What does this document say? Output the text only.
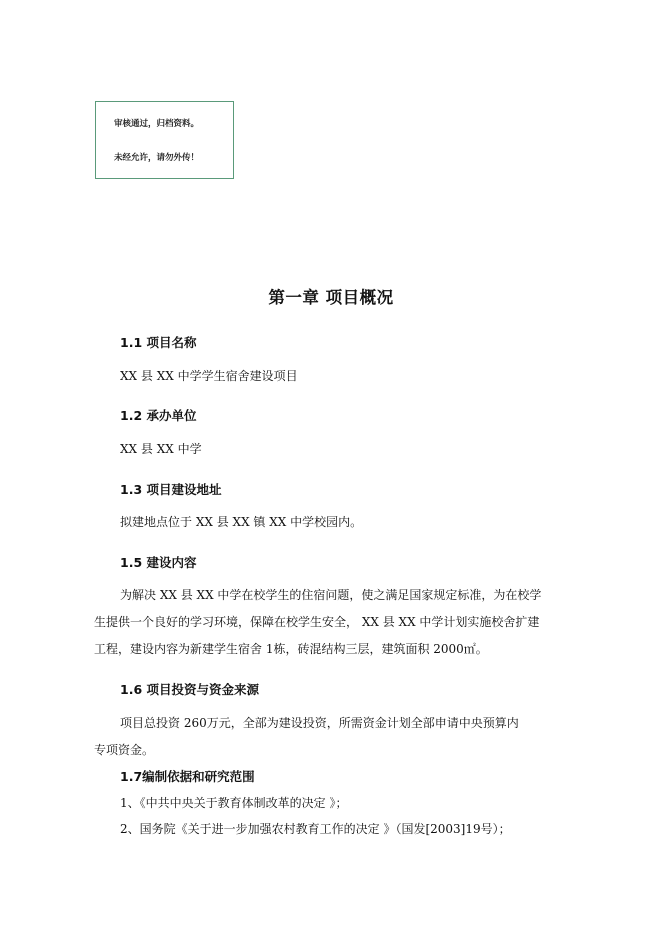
审核通过，归档资料。
未经允许，请勿外传！
第一章 项目概况
1.1 项目名称
XX 县 XX 中学学生宿舍建设项目
1.2 承办单位
XX 县 XX 中学
1.3 项目建设地址
拟建地点位于 XX 县 XX 镇 XX 中学校园内。
1.5 建设内容
为解决 XX 县 XX 中学在校学生的住宿问题，使之满足国家规定标准，为在校学
生提供一个良好的学习环境，保障在校学生安全， XX 县 XX 中学计划实施校舍扩建
工程，建设内容为新建学生宿舍 1栋，砖混结构三层，建筑面积 2000㎡。
1.6 项目投资与资金来源
项目总投资 260万元，全部为建设投资，所需资金计划全部申请中央预算内
专项资金。
1.7编制依据和研究范围
1、《中共中央关于教育体制改革的决定 》；
2、国务院《关于进一步加强农村教育工作的决定 》（国发[2003]19号）；
